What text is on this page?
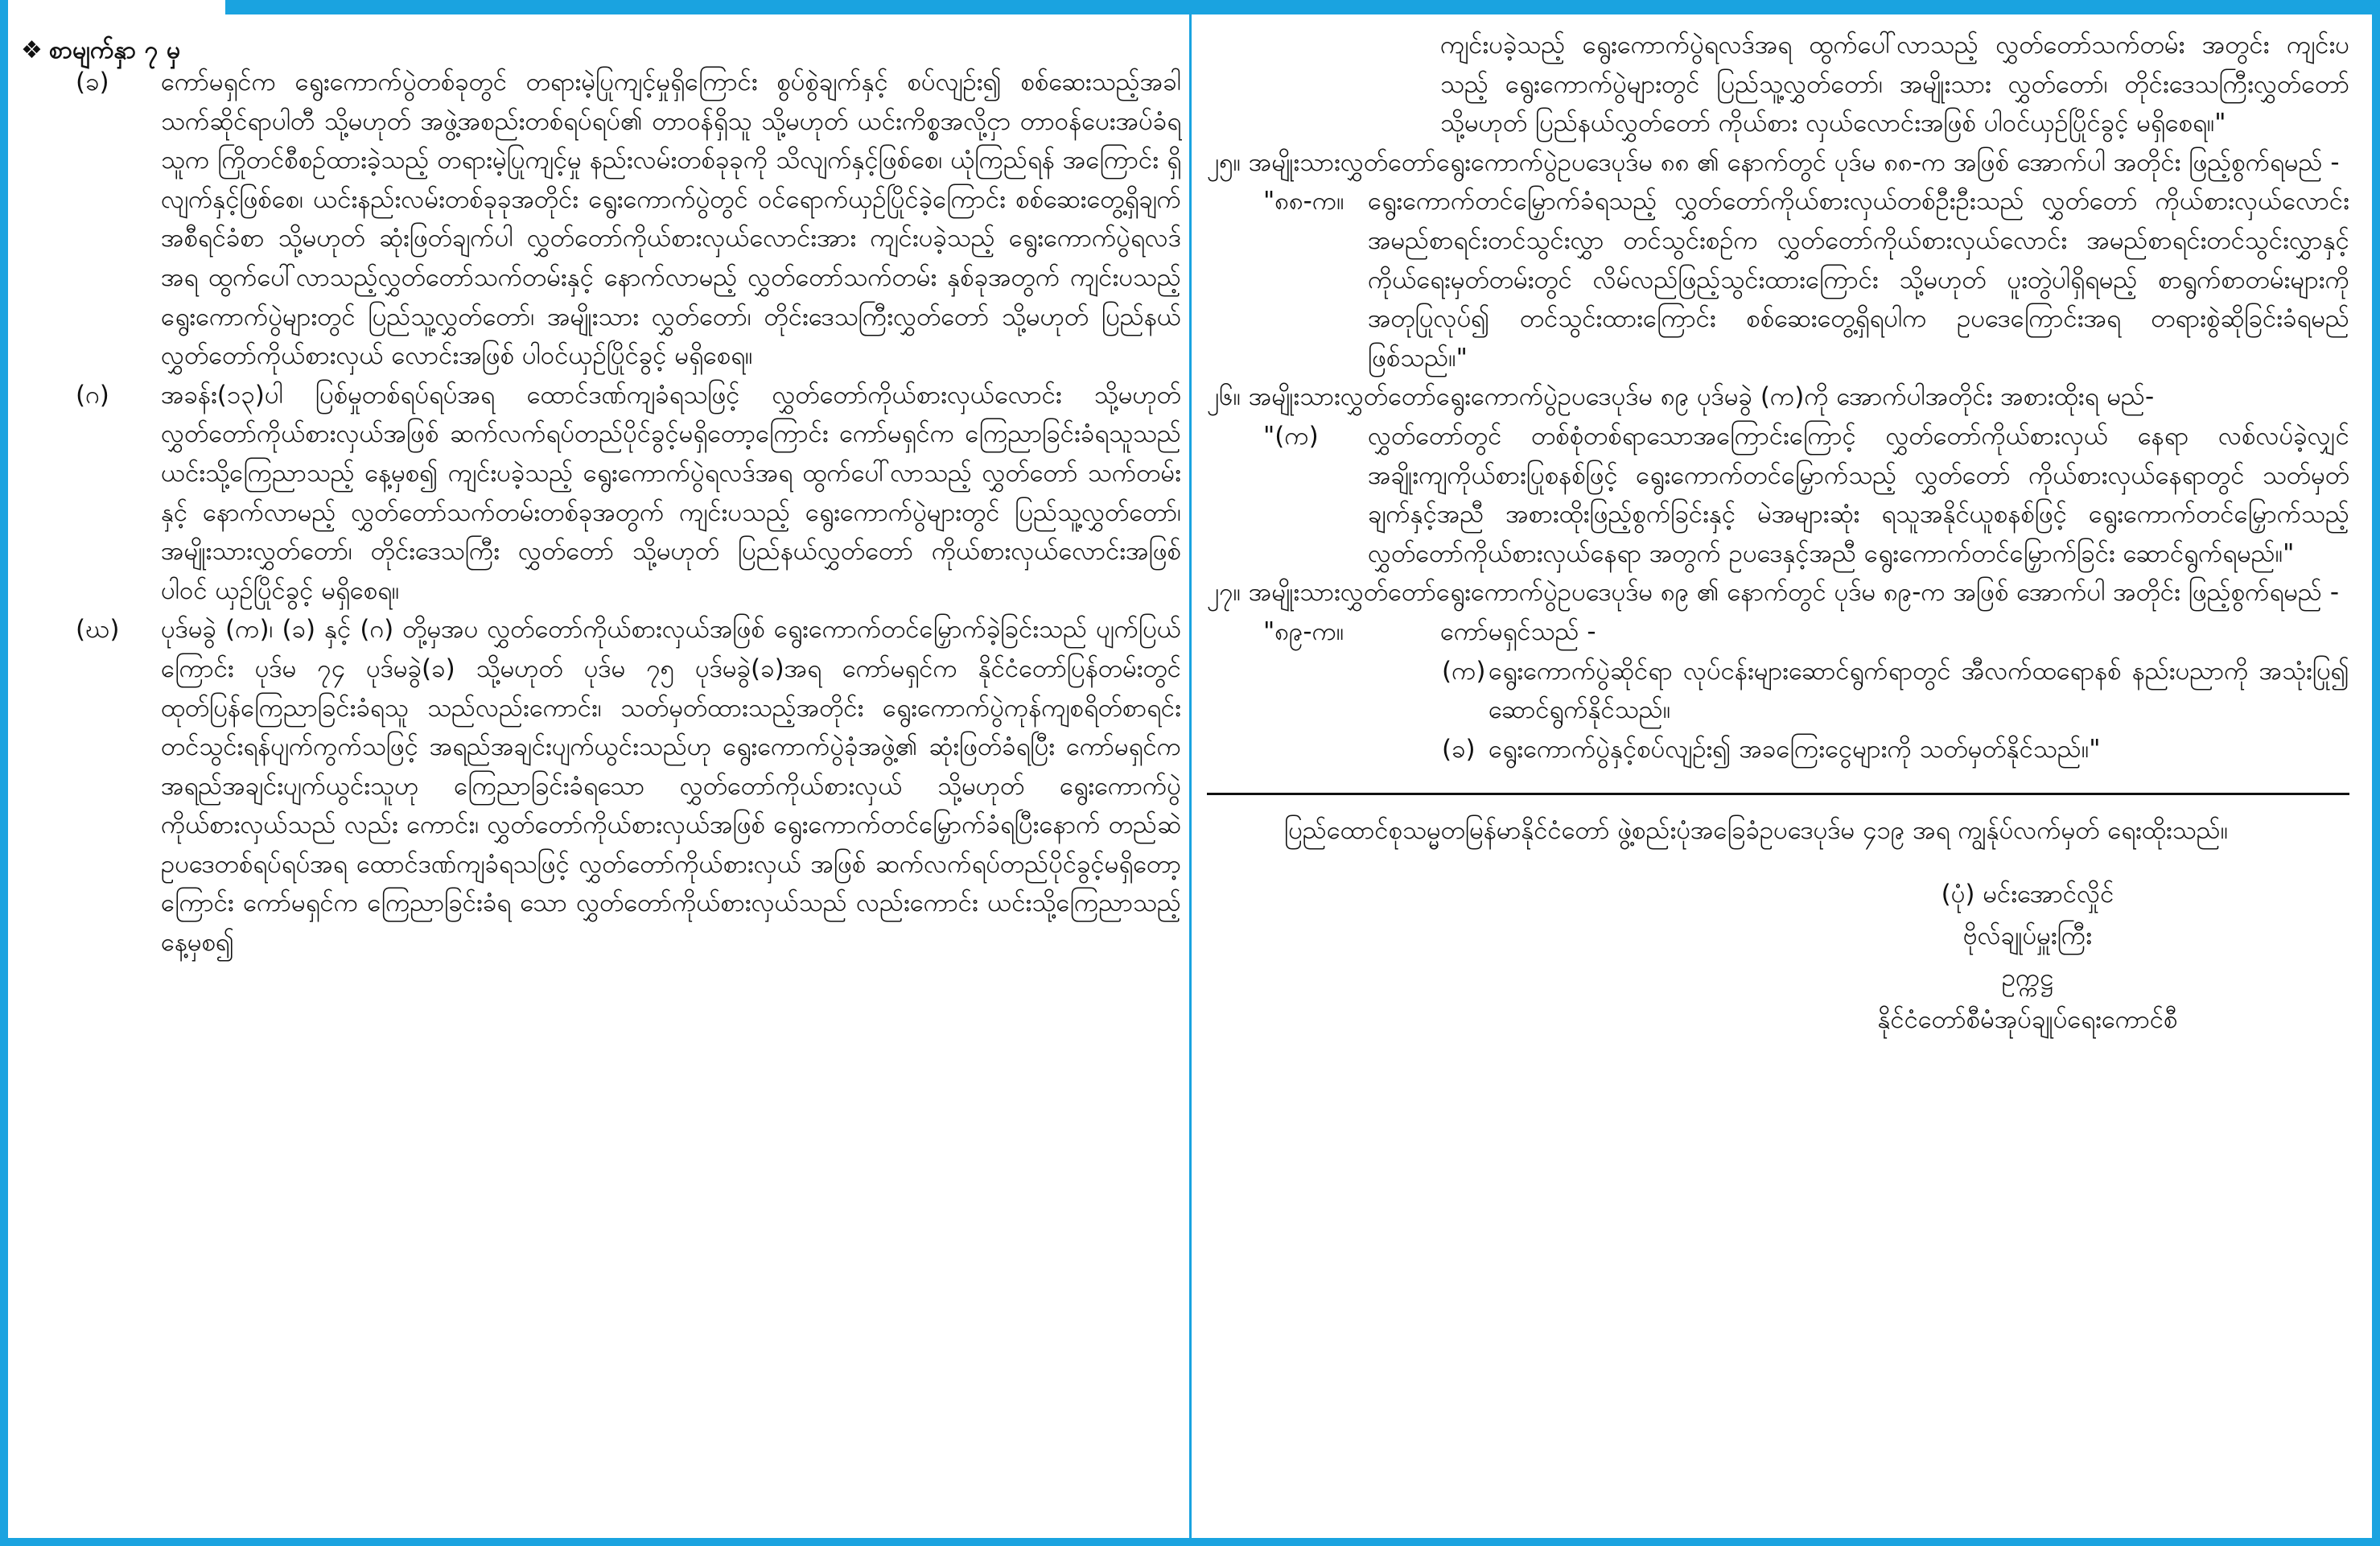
❖ စာမျက်နှာ ၇ မှ
(ခ) ကော်မရှင်က ရွေးကောက်ပွဲတစ်ခုတွင် တရားမဲ့ပြုကျင့်မှုရှိကြောင်း စွပ်စွဲချက်နှင့် စပ်လျဉ်း၍ စစ်ဆေးသည့်အခါ သက်ဆိုင်ရာပါတီ သို့မဟုတ် အဖွဲ့အစည်းတစ်ရပ်ရပ်၏ တာဝန်ရှိသူ သို့မဟုတ် ယင်းကိစ္စအလို့ငှာ တာဝန်ပေးအပ်ခံရသူက ကြိုတင်စီစဉ်ထားခဲ့သည့် တရားမဲ့ပြုကျင့်မှု နည်းလမ်းတစ်ခုခုကို သိလျက်နှင့်ဖြစ်စေ၊ ယုံကြည်ရန် အကြောင်း ရှိလျက်နှင့်ဖြစ်စေ၊ ယင်းနည်းလမ်းတစ်ခုခုအတိုင်း ရွေးကောက်ပွဲတွင် ဝင်ရောက်ယှဉ်ပြိုင်ခဲ့ကြောင်း စစ်ဆေးတွေ့ရှိချက် အစီရင်ခံစာ သို့မဟုတ် ဆုံးဖြတ်ချက်ပါ လွှတ်တော်ကိုယ်စားလှယ်လောင်းအား ကျင်းပခဲ့သည့် ရွေးကောက်ပွဲရလဒ်အရ ထွက်ပေါ်လာသည့်လွှတ်တော်သက်တမ်းနှင့် နောက်လာမည့် လွှတ်တော်သက်တမ်း နှစ်ခုအတွက် ကျင်းပသည့် ရွေးကောက်ပွဲများတွင် ပြည်သူ့လွှတ်တော်၊ အမျိုးသား လွှတ်တော်၊ တိုင်းဒေသကြီးလွှတ်တော် သို့မဟုတ် ပြည်နယ်လွှတ်တော်ကိုယ်စားလှယ် လောင်းအဖြစ် ပါဝင်ယှဉ်ပြိုင်ခွင့် မရှိစေရ။
(ဂ) အခန်း(၁၃)ပါ ပြစ်မှုတစ်ရပ်ရပ်အရ ထောင်ဒဏ်ကျခံရသဖြင့် လွှတ်တော်ကိုယ်စားလှယ်လောင်း သို့မဟုတ် လွှတ်တော်ကိုယ်စားလှယ်အဖြစ် ဆက်လက်ရပ်တည်ပိုင်ခွင့်မရှိတော့ကြောင်း ကော်မရှင်က ကြေညာခြင်းခံရသူသည် ယင်းသို့ကြေညာသည့် နေ့မှစ၍ ကျင်းပခဲ့သည့် ရွေးကောက်ပွဲရလဒ်အရ ထွက်ပေါ်လာသည့် လွှတ်တော် သက်တမ်းနှင့် နောက်လာမည့် လွှတ်တော်သက်တမ်းတစ်ခုအတွက် ကျင်းပသည့် ရွေးကောက်ပွဲများတွင် ပြည်သူ့လွှတ်တော်၊ အမျိုးသားလွှတ်တော်၊ တိုင်းဒေသကြီး လွှတ်တော် သို့မဟုတ် ပြည်နယ်လွှတ်တော် ကိုယ်စားလှယ်လောင်းအဖြစ် ပါဝင် ယှဉ်ပြိုင်ခွင့် မရှိစေရ။
(ဃ) ပုဒ်မခွဲ (က)၊ (ခ) နှင့် (ဂ) တို့မှအပ လွှတ်တော်ကိုယ်စားလှယ်အဖြစ် ရွေးကောက်တင်မြှောက်ခဲ့ခြင်းသည် ပျက်ပြယ်ကြောင်း ပုဒ်မ ၇၄ ပုဒ်မခွဲ(ခ) သို့မဟုတ် ပုဒ်မ ၇၅ ပုဒ်မခွဲ(ခ)အရ ကော်မရှင်က နိုင်ငံတော်ပြန်တမ်းတွင် ထုတ်ပြန်ကြေညာခြင်းခံရသူ သည်လည်းကောင်း၊ သတ်မှတ်ထားသည့်အတိုင်း ရွေးကောက်ပွဲကုန်ကျစရိတ်စာရင်း တင်သွင်းရန်ပျက်ကွက်သဖြင့် အရည်အချင်းပျက်ယွင်းသည်ဟု ရွေးကောက်ပွဲခုံအဖွဲ့၏ ဆုံးဖြတ်ခံရပြီး ကော်မရှင်က အရည်အချင်းပျက်ယွင်းသူဟု ကြေညာခြင်းခံရသော လွှတ်တော်ကိုယ်စားလှယ် သို့မဟုတ် ရွေးကောက်ပွဲကိုယ်စားလှယ်သည် လည်း ကောင်း၊ လွှတ်တော်ကိုယ်စားလှယ်အဖြစ် ရွေးကောက်တင်မြှောက်ခံရပြီးနောက် တည်ဆဲဥပဒေတစ်ရပ်ရပ်အရ ထောင်ဒဏ်ကျခံရသဖြင့် လွှတ်တော်ကိုယ်စားလှယ် အဖြစ် ဆက်လက်ရပ်တည်ပိုင်ခွင့်မရှိတော့ကြောင်း ကော်မရှင်က ကြေညာခြင်းခံရ သော လွှတ်တော်ကိုယ်စားလှယ်သည် လည်းကောင်း ယင်းသို့ကြေညာသည့်နေ့မှစ၍
ကျင်းပခဲ့သည့် ရွေးကောက်ပွဲရလဒ်အရ ထွက်ပေါ်လာသည့် လွှတ်တော်သက်တမ်း အတွင်း ကျင်းပသည့် ရွေးကောက်ပွဲများတွင် ပြည်သူ့လွှတ်တော်၊ အမျိုးသား လွှတ်တော်၊ တိုင်းဒေသကြီးလွှတ်တော် သို့မဟုတ် ပြည်နယ်လွှတ်တော် ကိုယ်စား လှယ်လောင်းအဖြစ် ပါဝင်ယှဉ်ပြိုင်ခွင့် မရှိစေရ။"
၂၅။ အမျိုးသားလွှတ်တော်ရွေးကောက်ပွဲဥပဒေပုဒ်မ ၈၈ ၏ နောက်တွင် ပုဒ်မ ၈၈-က အဖြစ် အောက်ပါ အတိုင်း ဖြည့်စွက်ရမည် -
"၈၈-က။ ရွေးကောက်တင်မြှောက်ခံရသည့် လွှတ်တော်ကိုယ်စားလှယ်တစ်ဦးဦးသည် လွှတ်တော် ကိုယ်စားလှယ်လောင်း အမည်စာရင်းတင်သွင်းလွှာ တင်သွင်းစဉ်က လွှတ်တော်ကိုယ်စားလှယ်လောင်း အမည်စာရင်းတင်သွင်းလွှာနှင့် ကိုယ်ရေးမှတ်တမ်းတွင် လိမ်လည်ဖြည့်သွင်းထားကြောင်း သို့မဟုတ် ပူးတွဲပါရှိရမည့် စာရွက်စာတမ်းများကို အတုပြုလုပ်၍ တင်သွင်းထားကြောင်း စစ်ဆေးတွေ့ရှိရပါက ဥပဒေကြောင်းအရ တရားစွဲဆိုခြင်းခံရမည်ဖြစ်သည်။"
၂၆။ အမျိုးသားလွှတ်တော်ရွေးကောက်ပွဲဥပဒေပုဒ်မ ၈၉ ပုဒ်မခွဲ (က)ကို အောက်ပါအတိုင်း အစားထိုးရ မည်-
"(က) လွှတ်တော်တွင် တစ်စုံတစ်ရာသောအကြောင်းကြောင့် လွှတ်တော်ကိုယ်စားလှယ် နေရာ လစ်လပ်ခဲ့လျှင် အချိုးကျကိုယ်စားပြုစနစ်ဖြင့် ရွေးကောက်တင်မြှောက်သည့် လွှတ်တော် ကိုယ်စားလှယ်နေရာတွင် သတ်မှတ်ချက်နှင့်အညီ အစားထိုးဖြည့်စွက်ခြင်းနှင့် မဲအများဆုံး ရသူအနိုင်ယူစနစ်ဖြင့် ရွေးကောက်တင်မြှောက်သည့် လွှတ်တော်ကိုယ်စားလှယ်နေရာ အတွက် ဥပဒေနှင့်အညီ ရွေးကောက်တင်မြှောက်ခြင်း ဆောင်ရွက်ရမည်။"
၂၇။ အမျိုးသားလွှတ်တော်ရွေးကောက်ပွဲဥပဒေပုဒ်မ ၈၉ ၏ နောက်တွင် ပုဒ်မ ၈၉-က အဖြစ် အောက်ပါ အတိုင်း ဖြည့်စွက်ရမည် -
"၈၉-က။	ကော်မရှင်သည် -
(က) ရွေးကောက်ပွဲဆိုင်ရာ လုပ်ငန်းများဆောင်ရွက်ရာတွင် အီလက်ထရောနစ် နည်းပညာကို အသုံးပြု၍ ဆောင်ရွက်နိုင်သည်။
(ခ) ရွေးကောက်ပွဲနှင့်စပ်လျဉ်း၍ အခကြေးငွေများကို သတ်မှတ်နိုင်သည်။"
ပြည်ထောင်စုသမ္မတမြန်မာနိုင်ငံတော် ဖွဲ့စည်းပုံအခြေခံဥပဒေပုဒ်မ ၄၁၉ အရ ကျွန်ုပ်လက်မှတ် ရေးထိုးသည်။
(ပုံ) မင်းအောင်လှိုင်
ဗိုလ်ချုပ်မှူးကြီး
ဥက္ကဋ္ဌ
နိုင်ငံတော်စီမံအုပ်ချုပ်ရေးကောင်စီ
